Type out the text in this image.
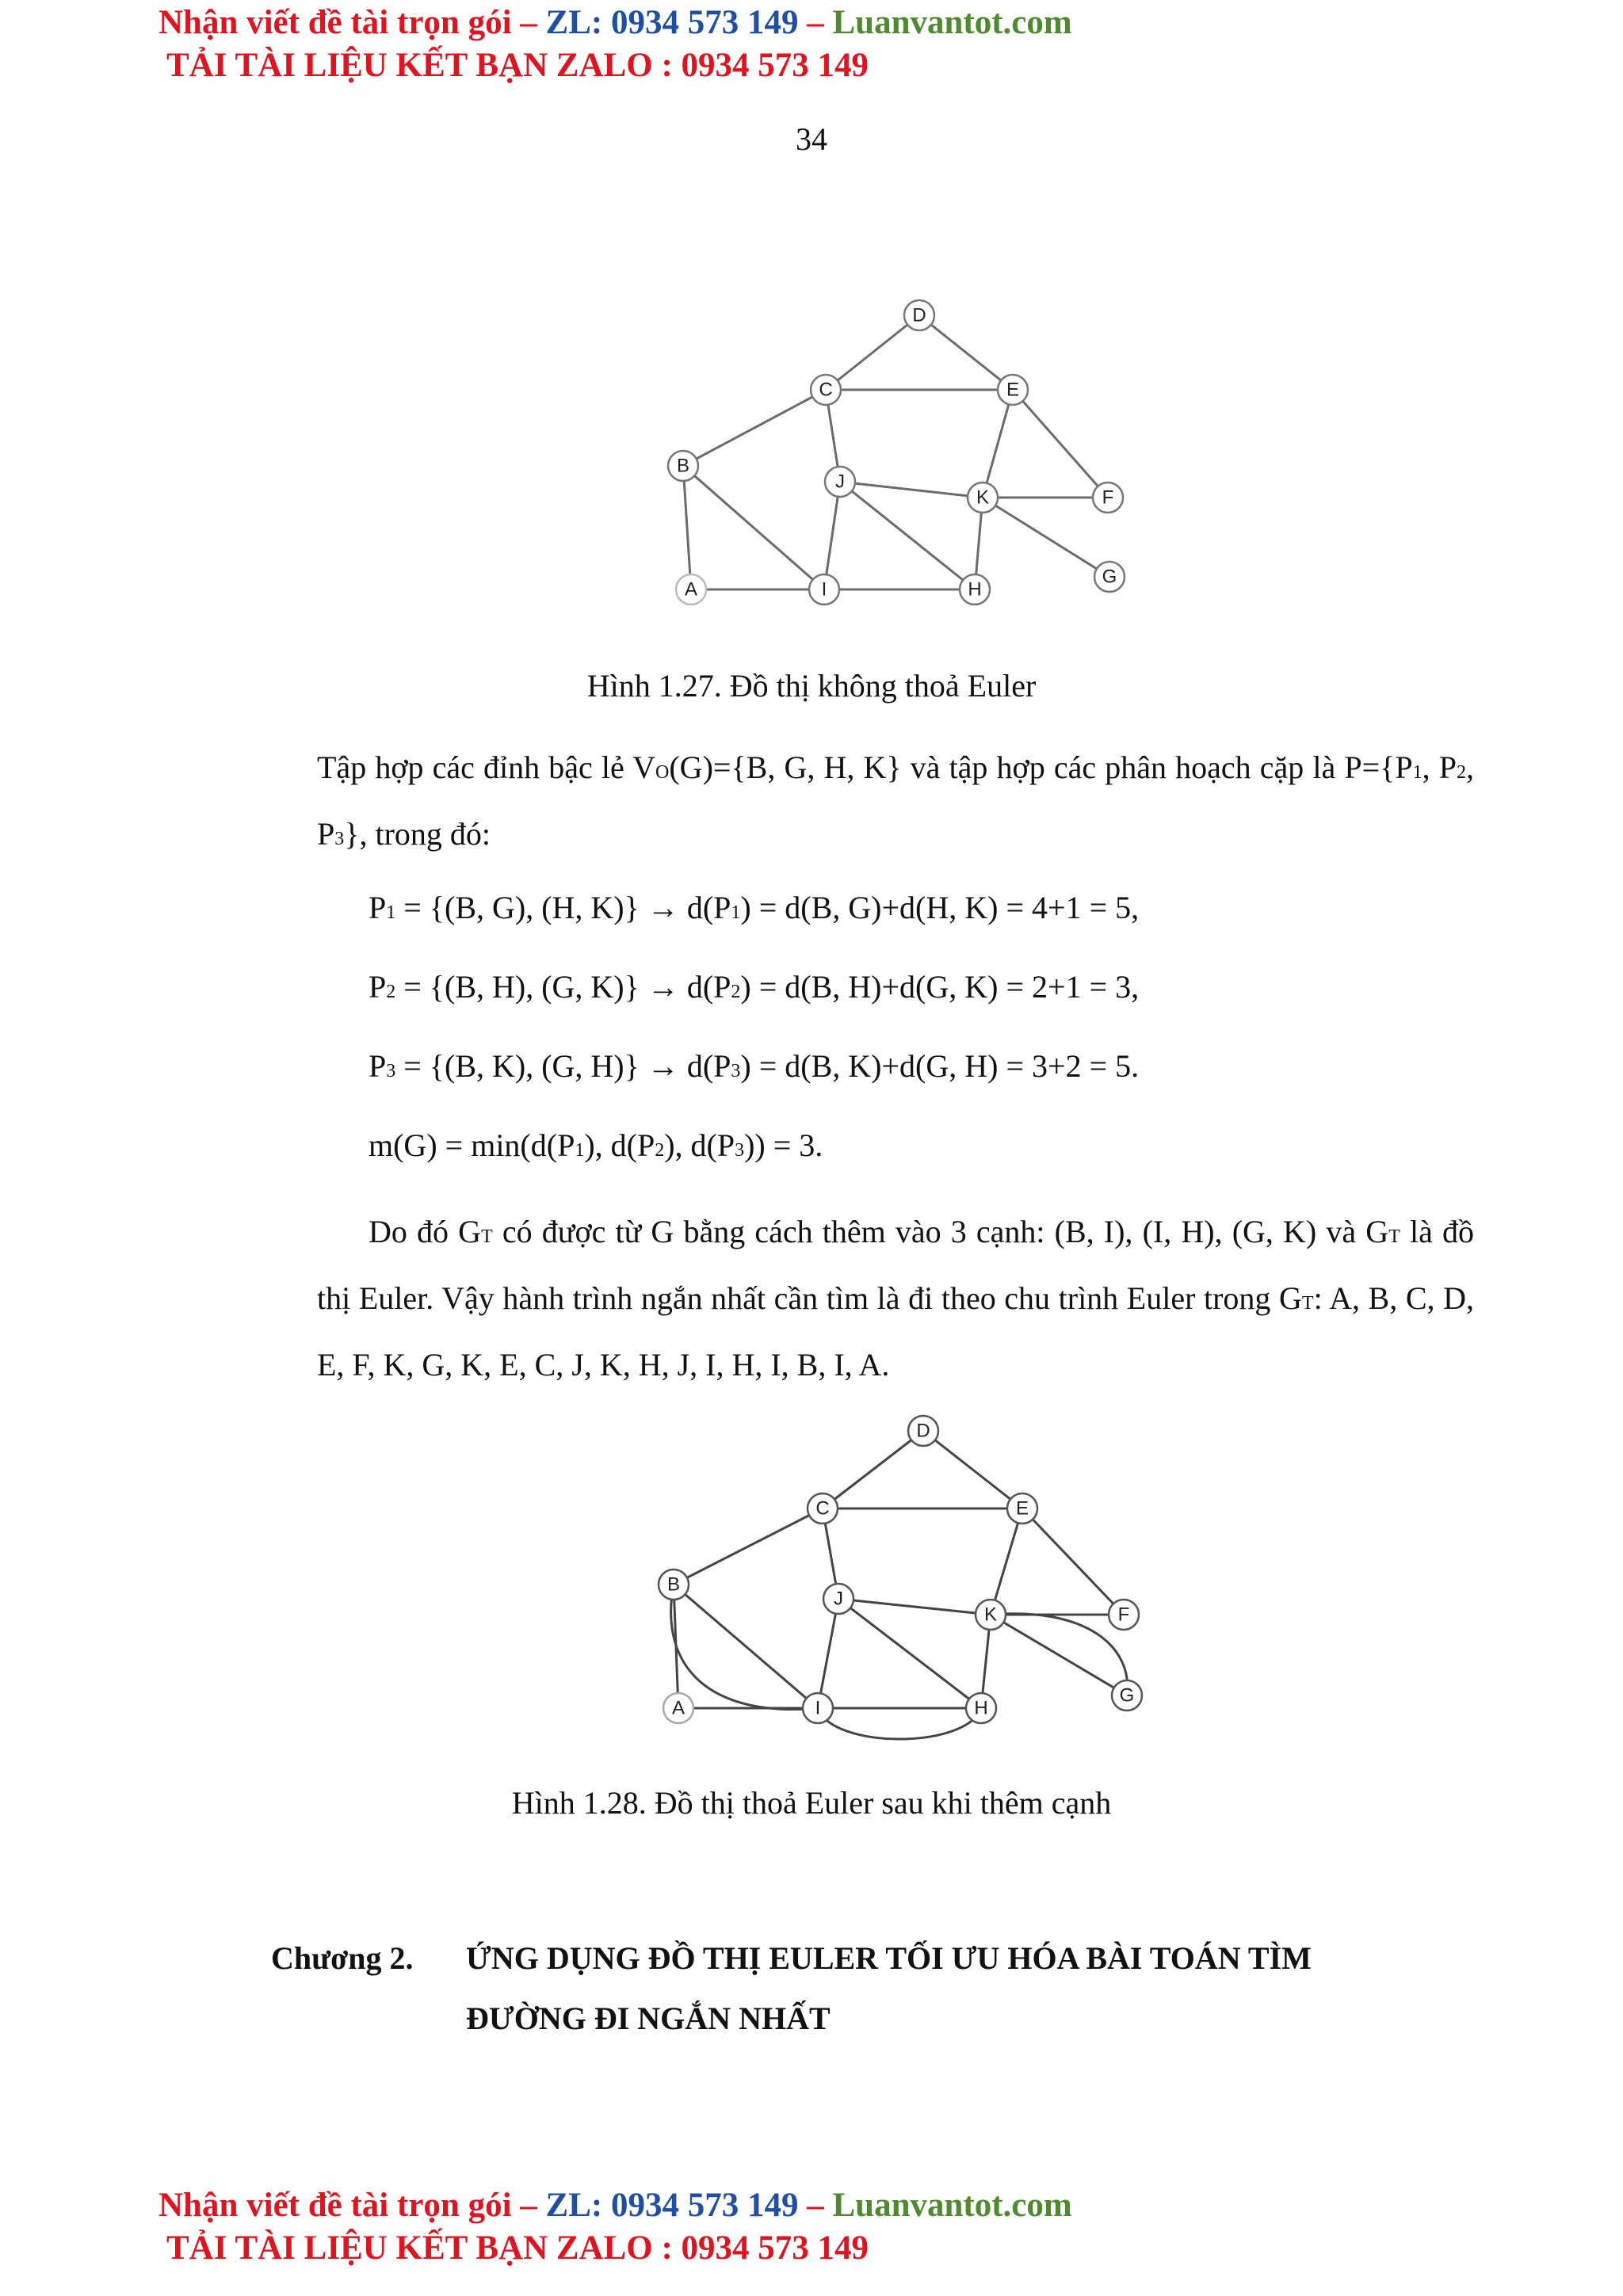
Nhận viết đề tài trọn gói – ZL: 0934 573 149 – Luanvantot.com
TẢI TÀI LIỆU KẾT BẠN ZALO : 0934 573 149
34
D
C	E
B
J
K	F
G
A	I	H
Hình 1.27. Đồ thị không thoả Euler
Tập hợp các đỉnh bậc lẻ VO(G)={B, G, H, K} và tập hợp các phân hoạch cặp là P={P1, P2, P3}, trong đó:
P1 = {(B, G), (H, K)} → d(P1) = d(B, G)+d(H, K) = 4+1 = 5,
P2 = {(B, H), (G, K)} → d(P2) = d(B, H)+d(G, K) = 2+1 = 3,
P3 = {(B, K), (G, H)} → d(P3) = d(B, K)+d(G, H) = 3+2 = 5.
m(G) = min(d(P1), d(P2), d(P3)) = 3.
Do đó GT có được từ G bằng cách thêm vào 3 cạnh: (B, I), (I, H), (G, K) và GT là đồ thị Euler. Vậy hành trình ngắn nhất cần tìm là đi theo chu trình Euler trong GT: A, B, C, D, E, F, K, G, K, E, C, J, K, H, J, I, H, I, B, I, A.
D
C	E
B
J
K	F
G
A	I	H
Hình 1.28. Đồ thị thoả Euler sau khi thêm cạnh
Chương 2. ỨNG DỤNG ĐỒ THỊ EULER TỐI ƯU HÓA BÀI TOÁN TÌM
ĐƯỜNG ĐI NGẮN NHẤT
Nhận viết đề tài trọn gói – ZL: 0934 573 149 – Luanvantot.com
TẢI TÀI LIỆU KẾT BẠN ZALO : 0934 573 149
